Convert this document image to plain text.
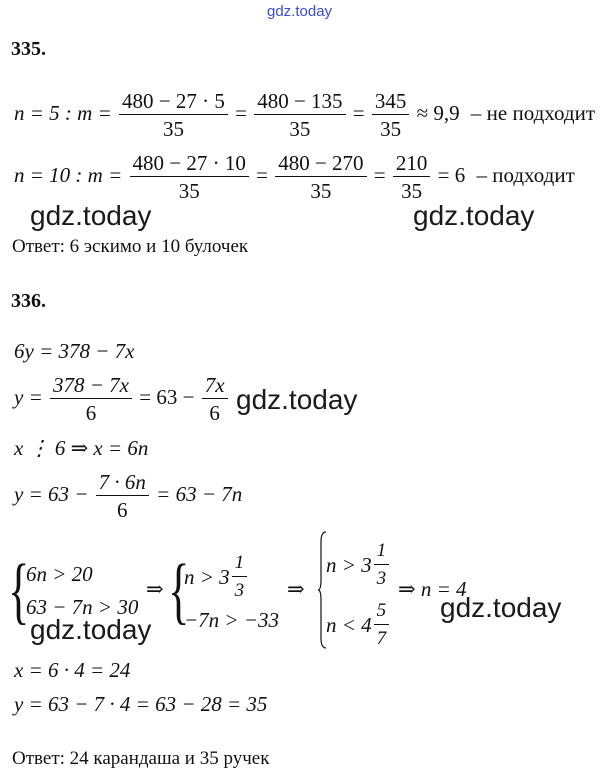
gdz.today
335.
n = 5 : $m = \frac{480 - 27 \cdot 5}{35} = \frac{480 - 135}{35} = \frac{345}{35} \approx 9,9$ – не подходит
n = 10 : $m = \frac{480 - 27 \cdot 10}{35} = \frac{480 - 270}{35} = \frac{210}{35} = 6$ – подходит
gdz.today	gdz.today
Ответ: 6 эскимо и 10 булочек
336.
6y = 378 − 7x
$y = \frac{378 - 7x}{6} = 63 - \frac{7x}{6}$ gdz.today
x ⋮ 6 ⇒ x = 6n
$y = 63 - \frac{7 \cdot 6n}{6} = 63 - 7n$
{
6n > 20
63 − 7n > 30
⇒ {
$n > 3 \frac{1}{3}$
−7n > −33
⇒
$n > 3 \frac{1}{3}$
$n < 4 \frac{5}{7}$
⇒ n = 4
gdz.today
gdz.today
x = 6 · 4 = 24
y = 63 − 7 · 4 = 63 − 28 = 35
Ответ: 24 карандаша и 35 ручек
